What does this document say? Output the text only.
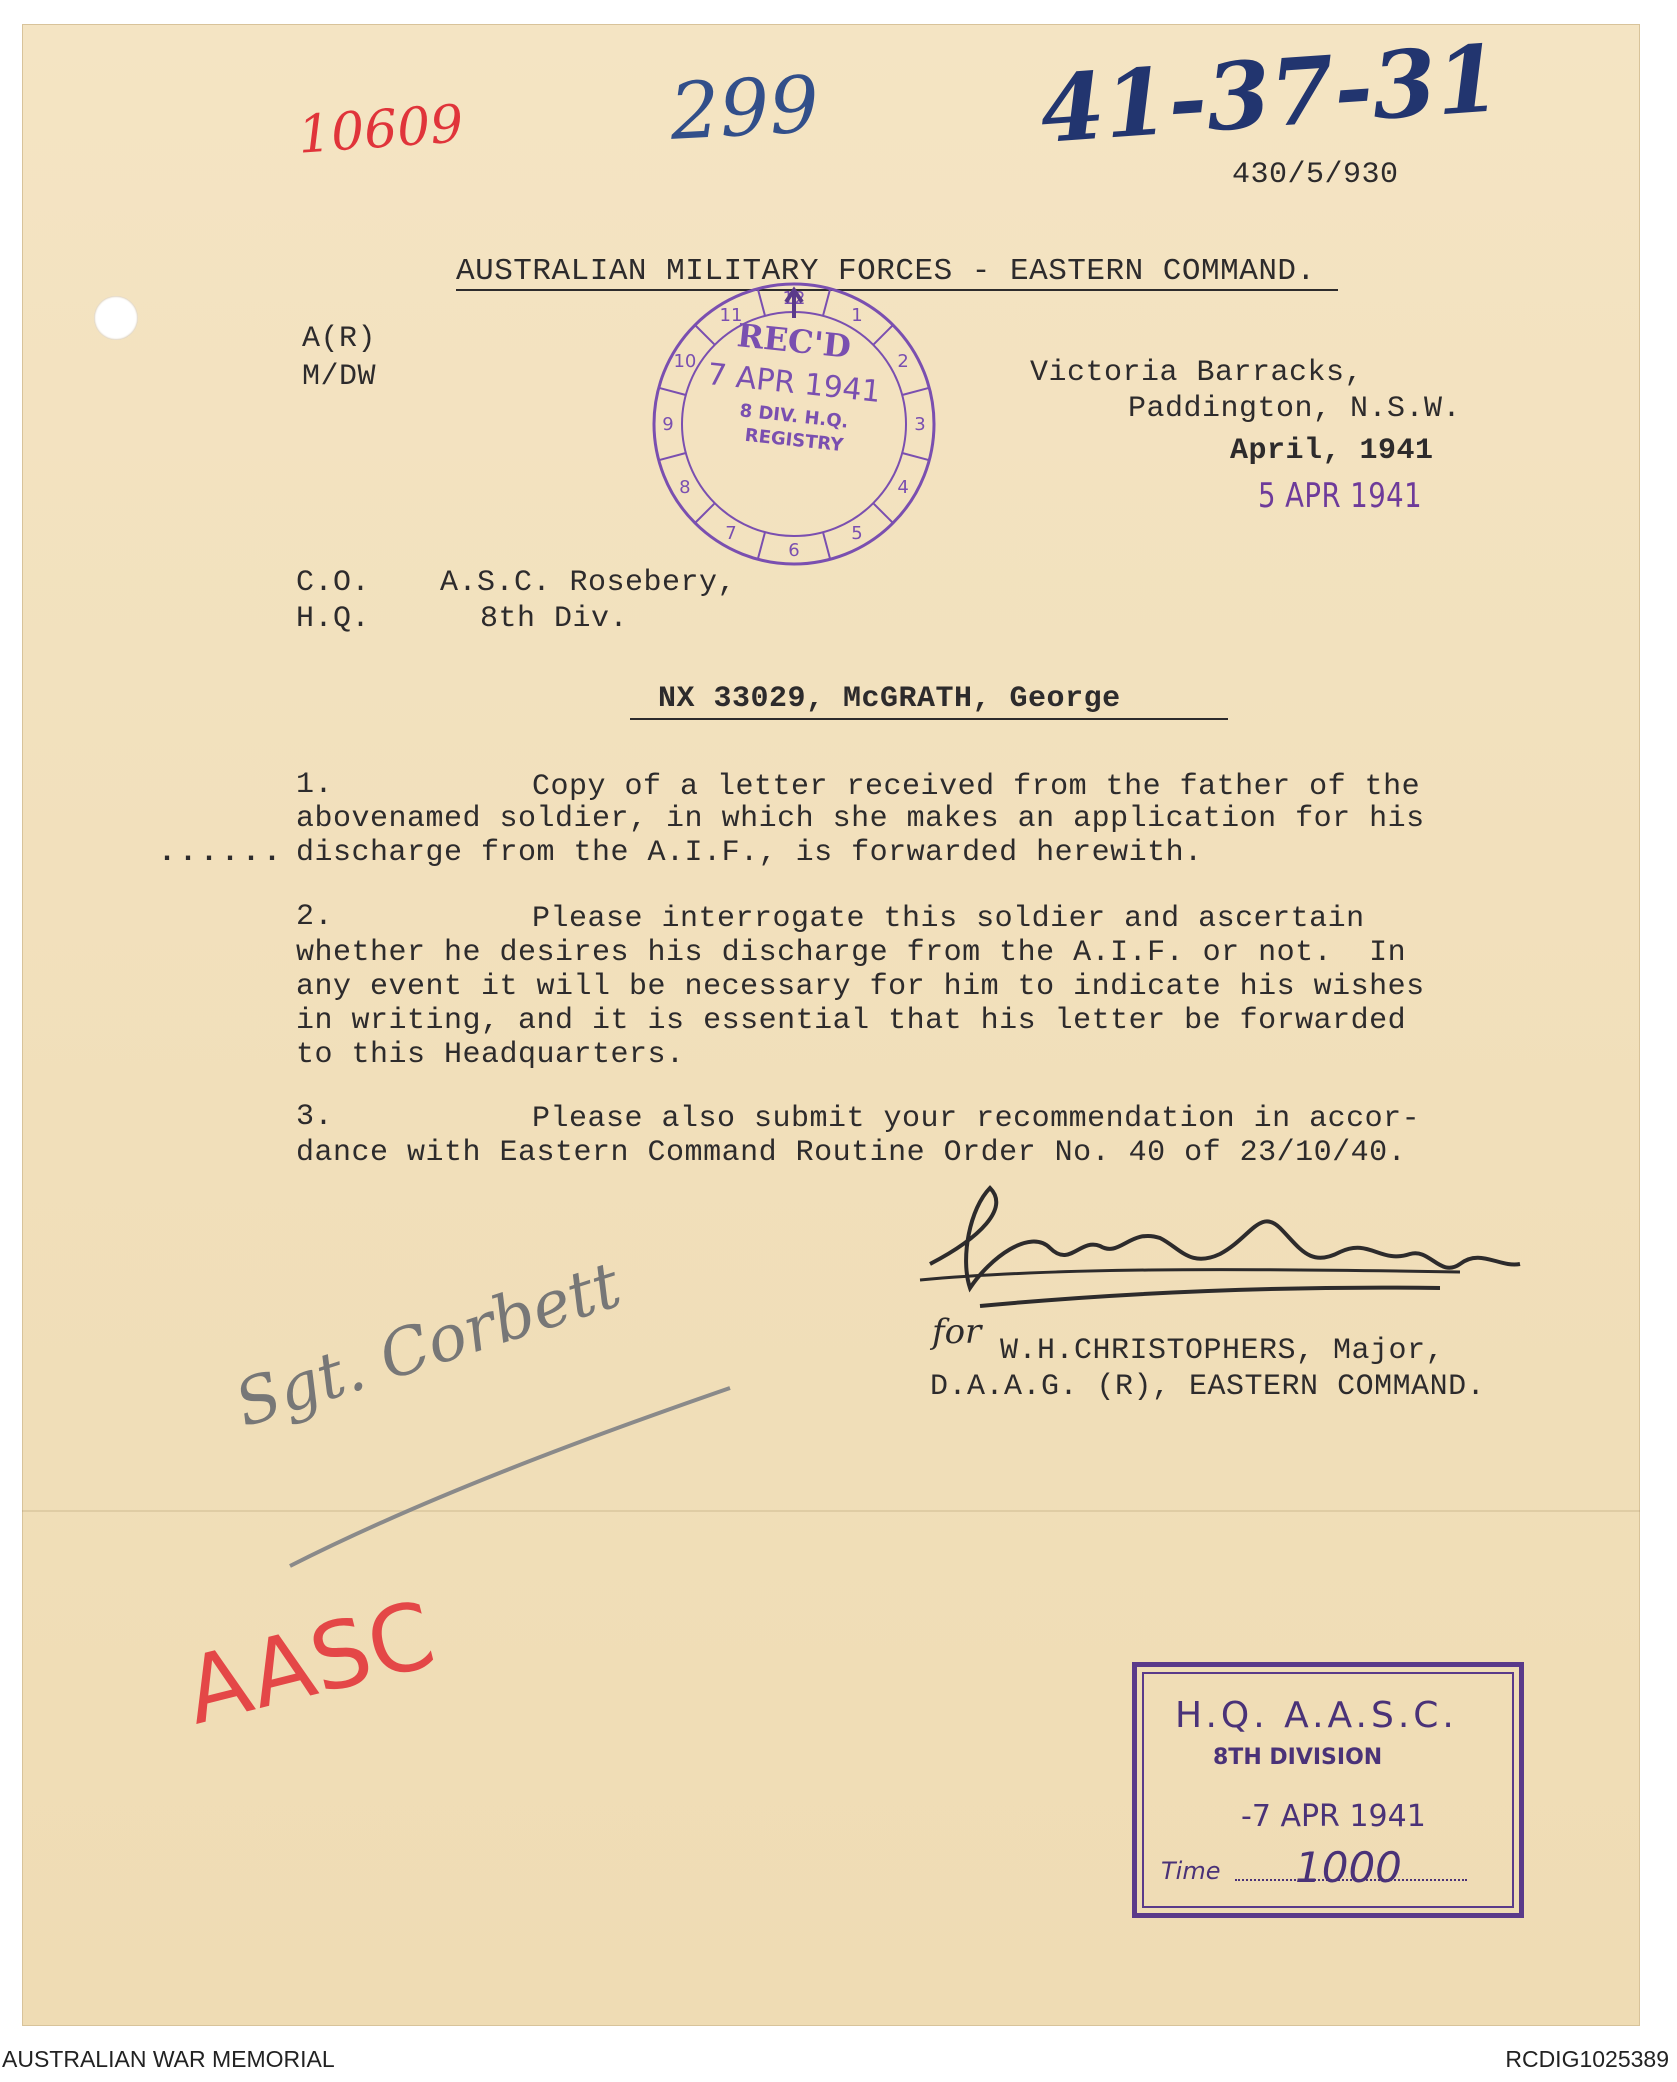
10609	299 41-37-31
430/5/930
AUSTRALIAN MILITARY FORCES - EASTERN COMMAND.
A(R)
M/DW	Victoria Barracks,
Paddington, N.S.W.
April, 1941
1
2
3
4
5
6
7
8
9
10
11
12
REC'D
7 APR 1941
8 DIV. H.Q.
REGISTRY
5 APR 1941
C.O. A.S.C. Rosebery,
H.Q.	8th Div.
NX 33029, McGRATH, George
1.	Copy of a letter received from the father of the
abovenamed soldier, in which she makes an application for his
discharge from the A.I.F., is forwarded herewith.
......
2.	Please interrogate this soldier and ascertain
whether he desires his discharge from the A.I.F. or not.  In
any event it will be necessary for him to indicate his wishes
in writing, and it is essential that his letter be forwarded
to this Headquarters.
3.	Please also submit your recommendation in accor-
dance with Eastern Command Routine Order No. 40 of 23/10/40.
for W.H.CHRISTOPHERS, Major,
D.A.A.G. (R), EASTERN COMMAND.
Sgt. Corbett
AASC	H.Q. A.A.S.C.
8TH DIVISION
-7 APR 1941
Time 1000
AUSTRALIAN WAR MEMORIAL	RCDIG1025389
